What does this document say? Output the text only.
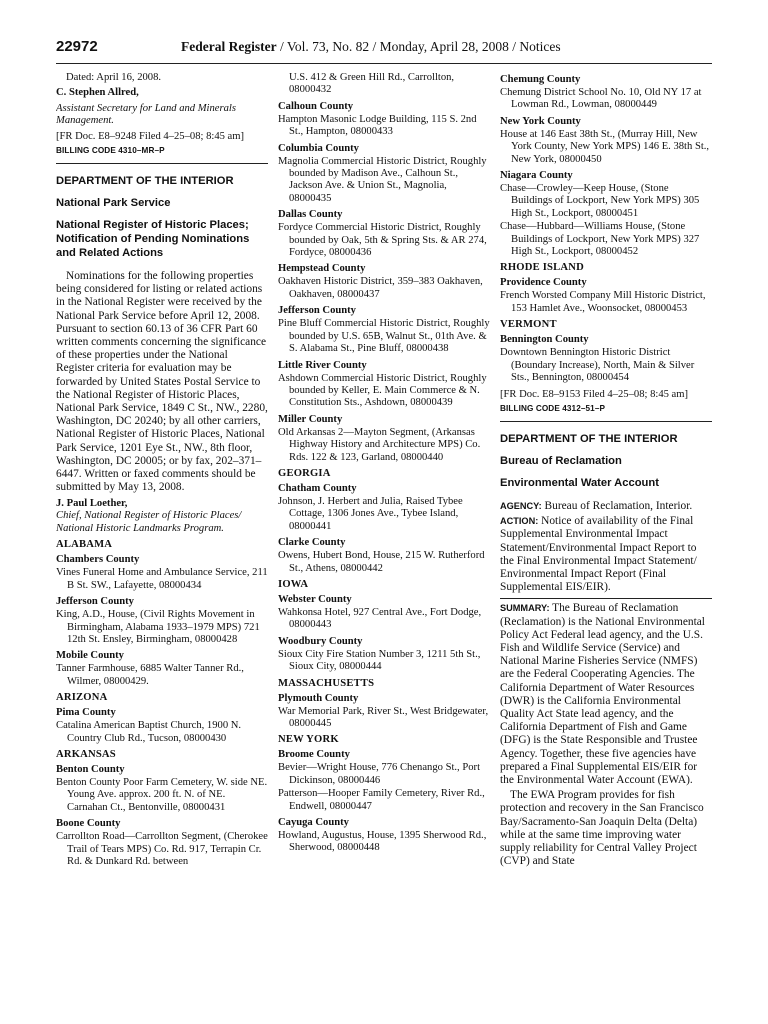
22972	Federal Register / Vol. 73, No. 82 / Monday, April 28, 2008 / Notices
Dated: April 16, 2008.
C. Stephen Allred,
Assistant Secretary for Land and Minerals Management.
[FR Doc. E8–9248 Filed 4–25–08; 8:45 am]
BILLING CODE 4310–MR–P
DEPARTMENT OF THE INTERIOR
National Park Service
National Register of Historic Places; Notification of Pending Nominations and Related Actions
Nominations for the following properties being considered for listing or related actions in the National Register were received by the National Park Service before April 12, 2008. Pursuant to section 60.13 of 36 CFR Part 60 written comments concerning the significance of these properties under the National Register criteria for evaluation may be forwarded by United States Postal Service to the National Register of Historic Places, National Park Service, 1849 C St., NW., 2280, Washington, DC 20240; by all other carriers, National Register of Historic Places, National Park Service, 1201 Eye St., NW., 8th floor, Washington, DC 20005; or by fax, 202–371–6447. Written or faxed comments should be submitted by May 13, 2008.
J. Paul Loether,
Chief, National Register of Historic Places/ National Historic Landmarks Program.
ALABAMA
Chambers County
Vines Funeral Home and Ambulance Service, 211 B St. SW., Lafayette, 08000434
Jefferson County
King, A.D., House, (Civil Rights Movement in Birmingham, Alabama 1933–1979 MPS) 721 12th St. Ensley, Birmingham, 08000428
Mobile County
Tanner Farmhouse, 6885 Walter Tanner Rd., Wilmer, 08000429.
ARIZONA
Pima County
Catalina American Baptist Church, 1900 N. Country Club Rd., Tucson, 08000430
ARKANSAS
Benton County
Benton County Poor Farm Cemetery, W. side NE. Young Ave. approx. 200 ft. N. of NE. Carnahan Ct., Bentonville, 08000431
Boone County
Carrollton Road—Carrollton Segment, (Cherokee Trail of Tears MPS) Co. Rd. 917, Terrapin Cr. Rd. & Dunkard Rd. between
U.S. 412 & Green Hill Rd., Carrollton, 08000432
Calhoun County
Hampton Masonic Lodge Building, 115 S. 2nd St., Hampton, 08000433
Columbia County
Magnolia Commercial Historic District, Roughly bounded by Madison Ave., Calhoun St., Jackson Ave. & Union St., Magnolia, 08000435
Dallas County
Fordyce Commercial Historic District, Roughly bounded by Oak, 5th & Spring Sts. & AR 274, Fordyce, 08000436
Hempstead County
Oakhaven Historic District, 359–383 Oakhaven, Oakhaven, 08000437
Jefferson County
Pine Bluff Commercial Historic District, Roughly bounded by U.S. 65B, Walnut St., 01th Ave. & S. Alabama St., Pine Bluff, 08000438
Little River County
Ashdown Commercial Historic District, Roughly bounded by Keller, E. Main Commerce & N. Constitution Sts., Ashdown, 08000439
Miller County
Old Arkansas 2—Mayton Segment, (Arkansas Highway History and Architecture MPS) Co. Rds. 122 & 123, Garland, 08000440
GEORGIA
Chatham County
Johnson, J. Herbert and Julia, Raised Tybee Cottage, 1306 Jones Ave., Tybee Island, 08000441
Clarke County
Owens, Hubert Bond, House, 215 W. Rutherford St., Athens, 08000442
IOWA
Webster County
Wahkonsa Hotel, 927 Central Ave., Fort Dodge, 08000443
Woodbury County
Sioux City Fire Station Number 3, 1211 5th St., Sioux City, 08000444
MASSACHUSETTS
Plymouth County
War Memorial Park, River St., West Bridgewater, 08000445
NEW YORK
Broome County
Bevier—Wright House, 776 Chenango St., Port Dickinson, 08000446
Patterson—Hooper Family Cemetery, River Rd., Endwell, 08000447
Cayuga County
Howland, Augustus, House, 1395 Sherwood Rd., Sherwood, 08000448
Chemung County
Chemung District School No. 10, Old NY 17 at Lowman Rd., Lowman, 08000449
New York County
House at 146 East 38th St., (Murray Hill, New York County, New York MPS) 146 E. 38th St., New York, 08000450
Niagara County
Chase—Crowley—Keep House, (Stone Buildings of Lockport, New York MPS) 305 High St., Lockport, 08000451
Chase—Hubbard—Williams House, (Stone Buildings of Lockport, New York MPS) 327 High St., Lockport, 08000452
RHODE ISLAND
Providence County
French Worsted Company Mill Historic District, 153 Hamlet Ave., Woonsocket, 08000453
VERMONT
Bennington County
Downtown Bennington Historic District (Boundary Increase), North, Main & Silver Sts., Bennington, 08000454
[FR Doc. E8–9153 Filed 4–25–08; 8:45 am]
BILLING CODE 4312–51–P
DEPARTMENT OF THE INTERIOR
Bureau of Reclamation
Environmental Water Account
AGENCY: Bureau of Reclamation, Interior.
ACTION: Notice of availability of the Final Supplemental Environmental Impact Statement/Environmental Impact Report to the Final Environmental Impact Statement/ Environmental Impact Report (Final Supplemental EIS/EIR).
SUMMARY: The Bureau of Reclamation (Reclamation) is the National Environmental Policy Act Federal lead agency, and the U.S. Fish and Wildlife Service (Service) and National Marine Fisheries Service (NMFS) are the Federal Cooperating Agencies. The California Department of Water Resources (DWR) is the California Environmental Quality Act State lead agency, and the California Department of Fish and Game (DFG) is the State Responsible and Trustee Agency. Together, these five agencies have prepared a Final Supplemental EIS/EIR for the Environmental Water Account (EWA).
The EWA Program provides for fish protection and recovery in the San Francisco Bay/Sacramento-San Joaquin Delta (Delta) while at the same time improving water supply reliability for Central Valley Project (CVP) and State
